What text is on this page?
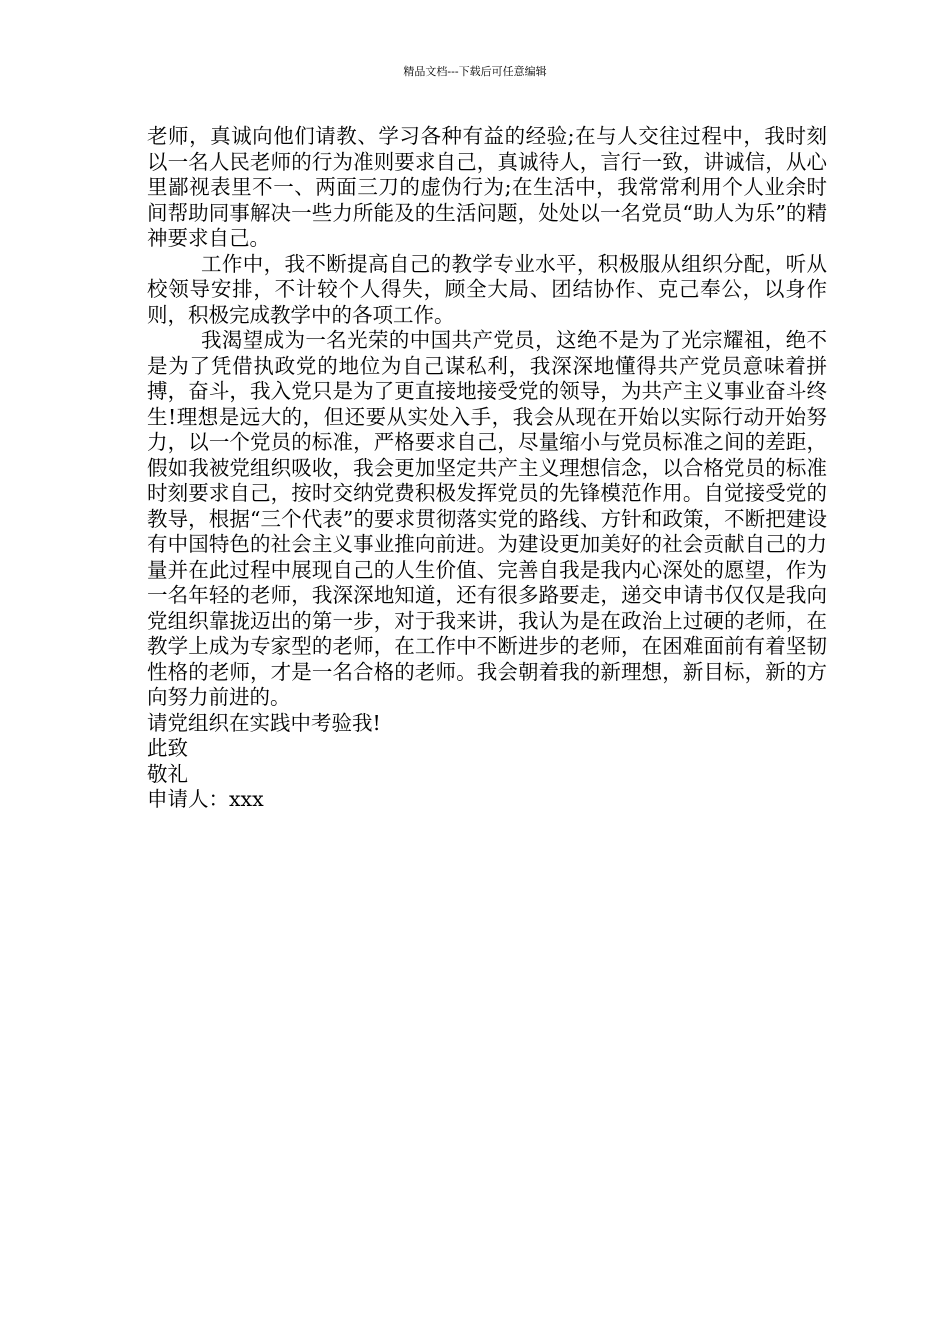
精品文档---下载后可任意编辑

老师，真诚向他们请教、学习各种有益的经验;在与人交往过程中，我时刻以一名人民老师的行为准则要求自己，真诚待人，言行一致，讲诚信，从心里鄙视表里不一、两面三刀的虚伪行为;在生活中，我常常利用个人业余时间帮助同事解决一些力所能及的生活问题，处处以一名党员“助人为乐”的精神要求自己。

工作中，我不断提高自己的教学专业水平，积极服从组织分配，听从校领导安排，不计较个人得失，顾全大局、团结协作、克己奉公，以身作则，积极完成教学中的各项工作。

我渴望成为一名光荣的中国共产党员，这绝不是为了光宗耀祖，绝不是为了凭借执政党的地位为自己谋私利，我深深地懂得共产党员意味着拼搏，奋斗，我入党只是为了更直接地接受党的领导，为共产主义事业奋斗终生!理想是远大的，但还要从实处入手，我会从现在开始以实际行动开始努力，以一个党员的标准，严格要求自己，尽量缩小与党员标准之间的差距，假如我被党组织吸收，我会更加坚定共产主义理想信念，以合格党员的标准时刻要求自己，按时交纳党费积极发挥党员的先锋模范作用。自觉接受党的教导，根据“三个代表”的要求贯彻落实党的路线、方针和政策，不断把建设有中国特色的社会主义事业推向前进。为建设更加美好的社会贡献自己的力量并在此过程中展现自己的人生价值、完善自我是我内心深处的愿望，作为一名年轻的老师，我深深地知道，还有很多路要走，递交申请书仅仅是我向党组织靠拢迈出的第一步，对于我来讲，我认为是在政治上过硬的老师，在教学上成为专家型的老师，在工作中不断进步的老师，在困难面前有着坚韧性格的老师，才是一名合格的老师。我会朝着我的新理想，新目标，新的方向努力前进的。

请党组织在实践中考验我!

此致

敬礼

申请人：xxx
